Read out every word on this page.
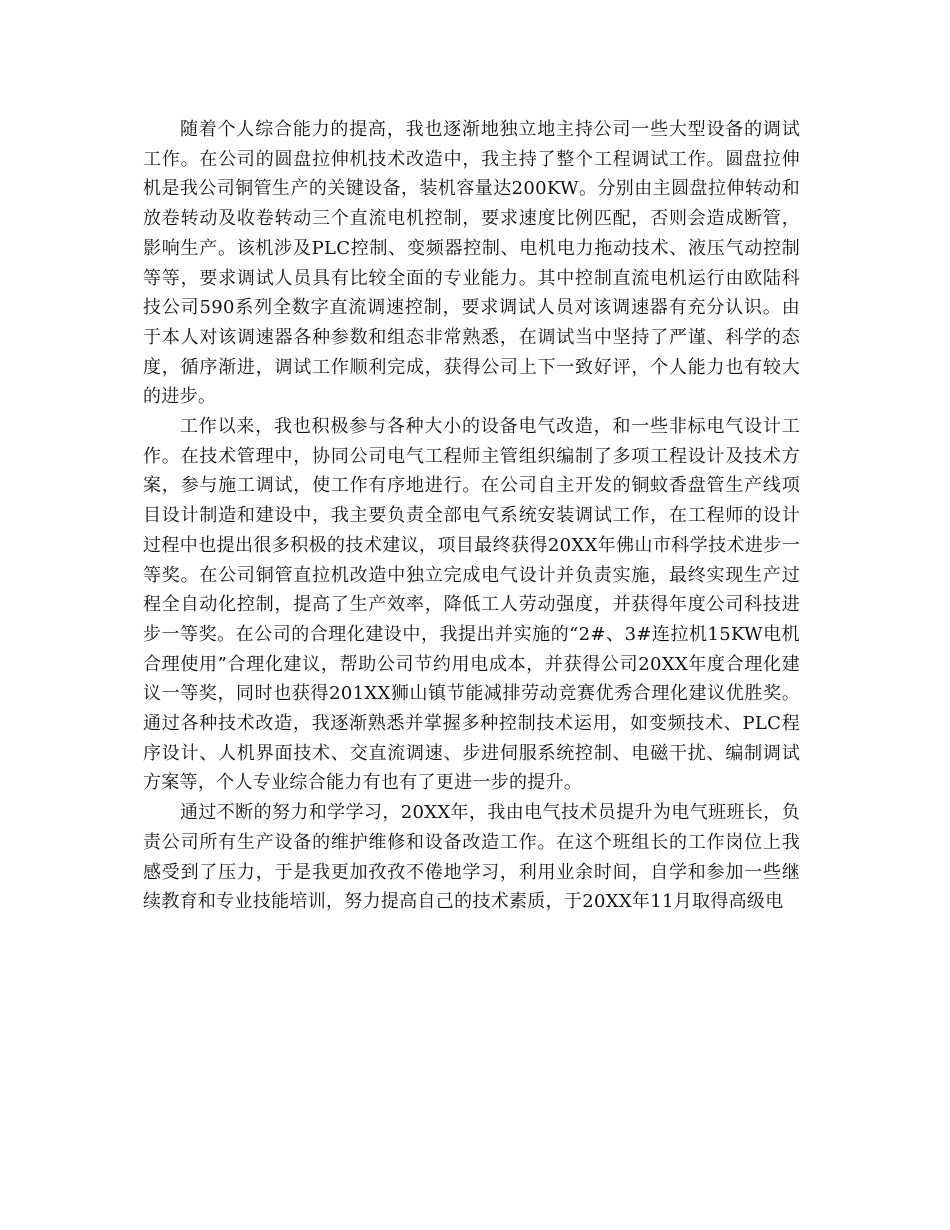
随着个人综合能力的提高，我也逐渐地独立地主持公司一些大型设备的调试工作。在公司的圆盘拉伸机技术改造中，我主持了整个工程调试工作。圆盘拉伸机是我公司铜管生产的关键设备，装机容量达200KW。分别由主圆盘拉伸转动和放卷转动及收卷转动三个直流电机控制，要求速度比例匹配，否则会造成断管，影响生产。该机涉及PLC控制、变频器控制、电机电力拖动技术、液压气动控制等等，要求调试人员具有比较全面的专业能力。其中控制直流电机运行由欧陆科技公司590系列全数字直流调速控制，要求调试人员对该调速器有充分认识。由于本人对该调速器各种参数和组态非常熟悉，在调试当中坚持了严谨、科学的态度，循序渐进，调试工作顺利完成，获得公司上下一致好评，个人能力也有较大的进步。

工作以来，我也积极参与各种大小的设备电气改造，和一些非标电气设计工作。在技术管理中，协同公司电气工程师主管组织编制了多项工程设计及技术方案，参与施工调试，使工作有序地进行。在公司自主开发的铜蚊香盘管生产线项目设计制造和建设中，我主要负责全部电气系统安装调试工作，在工程师的设计过程中也提出很多积极的技术建议，项目最终获得20XX年佛山市科学技术进步一等奖。在公司铜管直拉机改造中独立完成电气设计并负责实施，最终实现生产过程全自动化控制，提高了生产效率，降低工人劳动强度，并获得年度公司科技进步一等奖。在公司的合理化建设中，我提出并实施的“2#、3#连拉机15KW电机合理使用”合理化建议，帮助公司节约用电成本，并获得公司20XX年度合理化建议一等奖，同时也获得201XX狮山镇节能减排劳动竞赛优秀合理化建议优胜奖。通过各种技术改造，我逐渐熟悉并掌握多种控制技术运用，如变频技术、PLC程序设计、人机界面技术、交直流调速、步进伺服系统控制、电磁干扰、编制调试方案等，个人专业综合能力有也有了更进一步的提升。

通过不断的努力和学学习，20XX年，我由电气技术员提升为电气班班长，负责公司所有生产设备的维护维修和设备改造工作。在这个班组长的工作岗位上我感受到了压力，于是我更加孜孜不倦地学习，利用业余时间，自学和参加一些继续教育和专业技能培训，努力提高自己的技术素质，于20XX年11月取得高级电
